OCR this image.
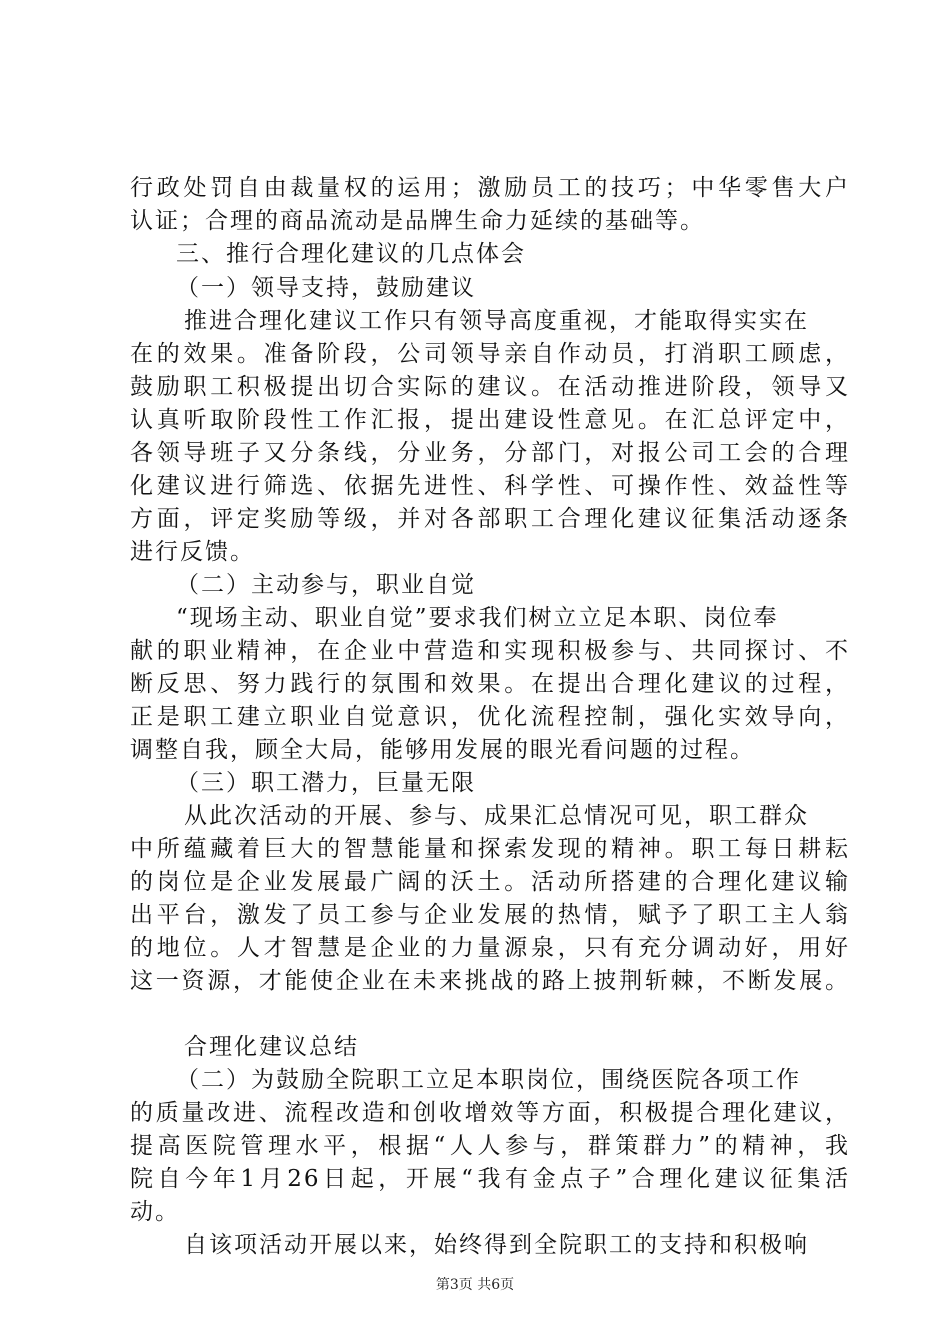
行政处罚自由裁量权的运用；激励员工的技巧；中华零售大户
认证；合理的商品流动是品牌生命力延续的基础等。
三、推行合理化建议的几点体会
（一）领导支持，鼓励建议
推进合理化建议工作只有领导高度重视，才能取得实实在
在的效果。准备阶段，公司领导亲自作动员，打消职工顾虑，
鼓励职工积极提出切合实际的建议。在活动推进阶段，领导又
认真听取阶段性工作汇报，提出建设性意见。在汇总评定中，
各领导班子又分条线，分业务，分部门，对报公司工会的合理
化建议进行筛选、依据先进性、科学性、可操作性、效益性等
方面，评定奖励等级，并对各部职工合理化建议征集活动逐条
进行反馈。
（二）主动参与，职业自觉
“现场主动、职业自觉”要求我们树立立足本职、岗位奉
献的职业精神，在企业中营造和实现积极参与、共同探讨、不
断反思、努力践行的氛围和效果。在提出合理化建议的过程，
正是职工建立职业自觉意识，优化流程控制，强化实效导向，
调整自我，顾全大局，能够用发展的眼光看问题的过程。
（三）职工潜力，巨量无限
从此次活动的开展、参与、成果汇总情况可见，职工群众
中所蕴藏着巨大的智慧能量和探索发现的精神。职工每日耕耘
的岗位是企业发展最广阔的沃土。活动所搭建的合理化建议输
出平台，激发了员工参与企业发展的热情，赋予了职工主人翁
的地位。人才智慧是企业的力量源泉，只有充分调动好，用好
这一资源，才能使企业在未来挑战的路上披荆斩棘，不断发展。
合理化建议总结
（二）为鼓励全院职工立足本职岗位，围绕医院各项工作
的质量改进、流程改造和创收增效等方面，积极提合理化建议，
提高医院管理水平，根据“人人参与，群策群力”的精神，我
院自今年1月26日起，开展“我有金点子”合理化建议征集活
动。
自该项活动开展以来，始终得到全院职工的支持和积极响
第3页 共6页
